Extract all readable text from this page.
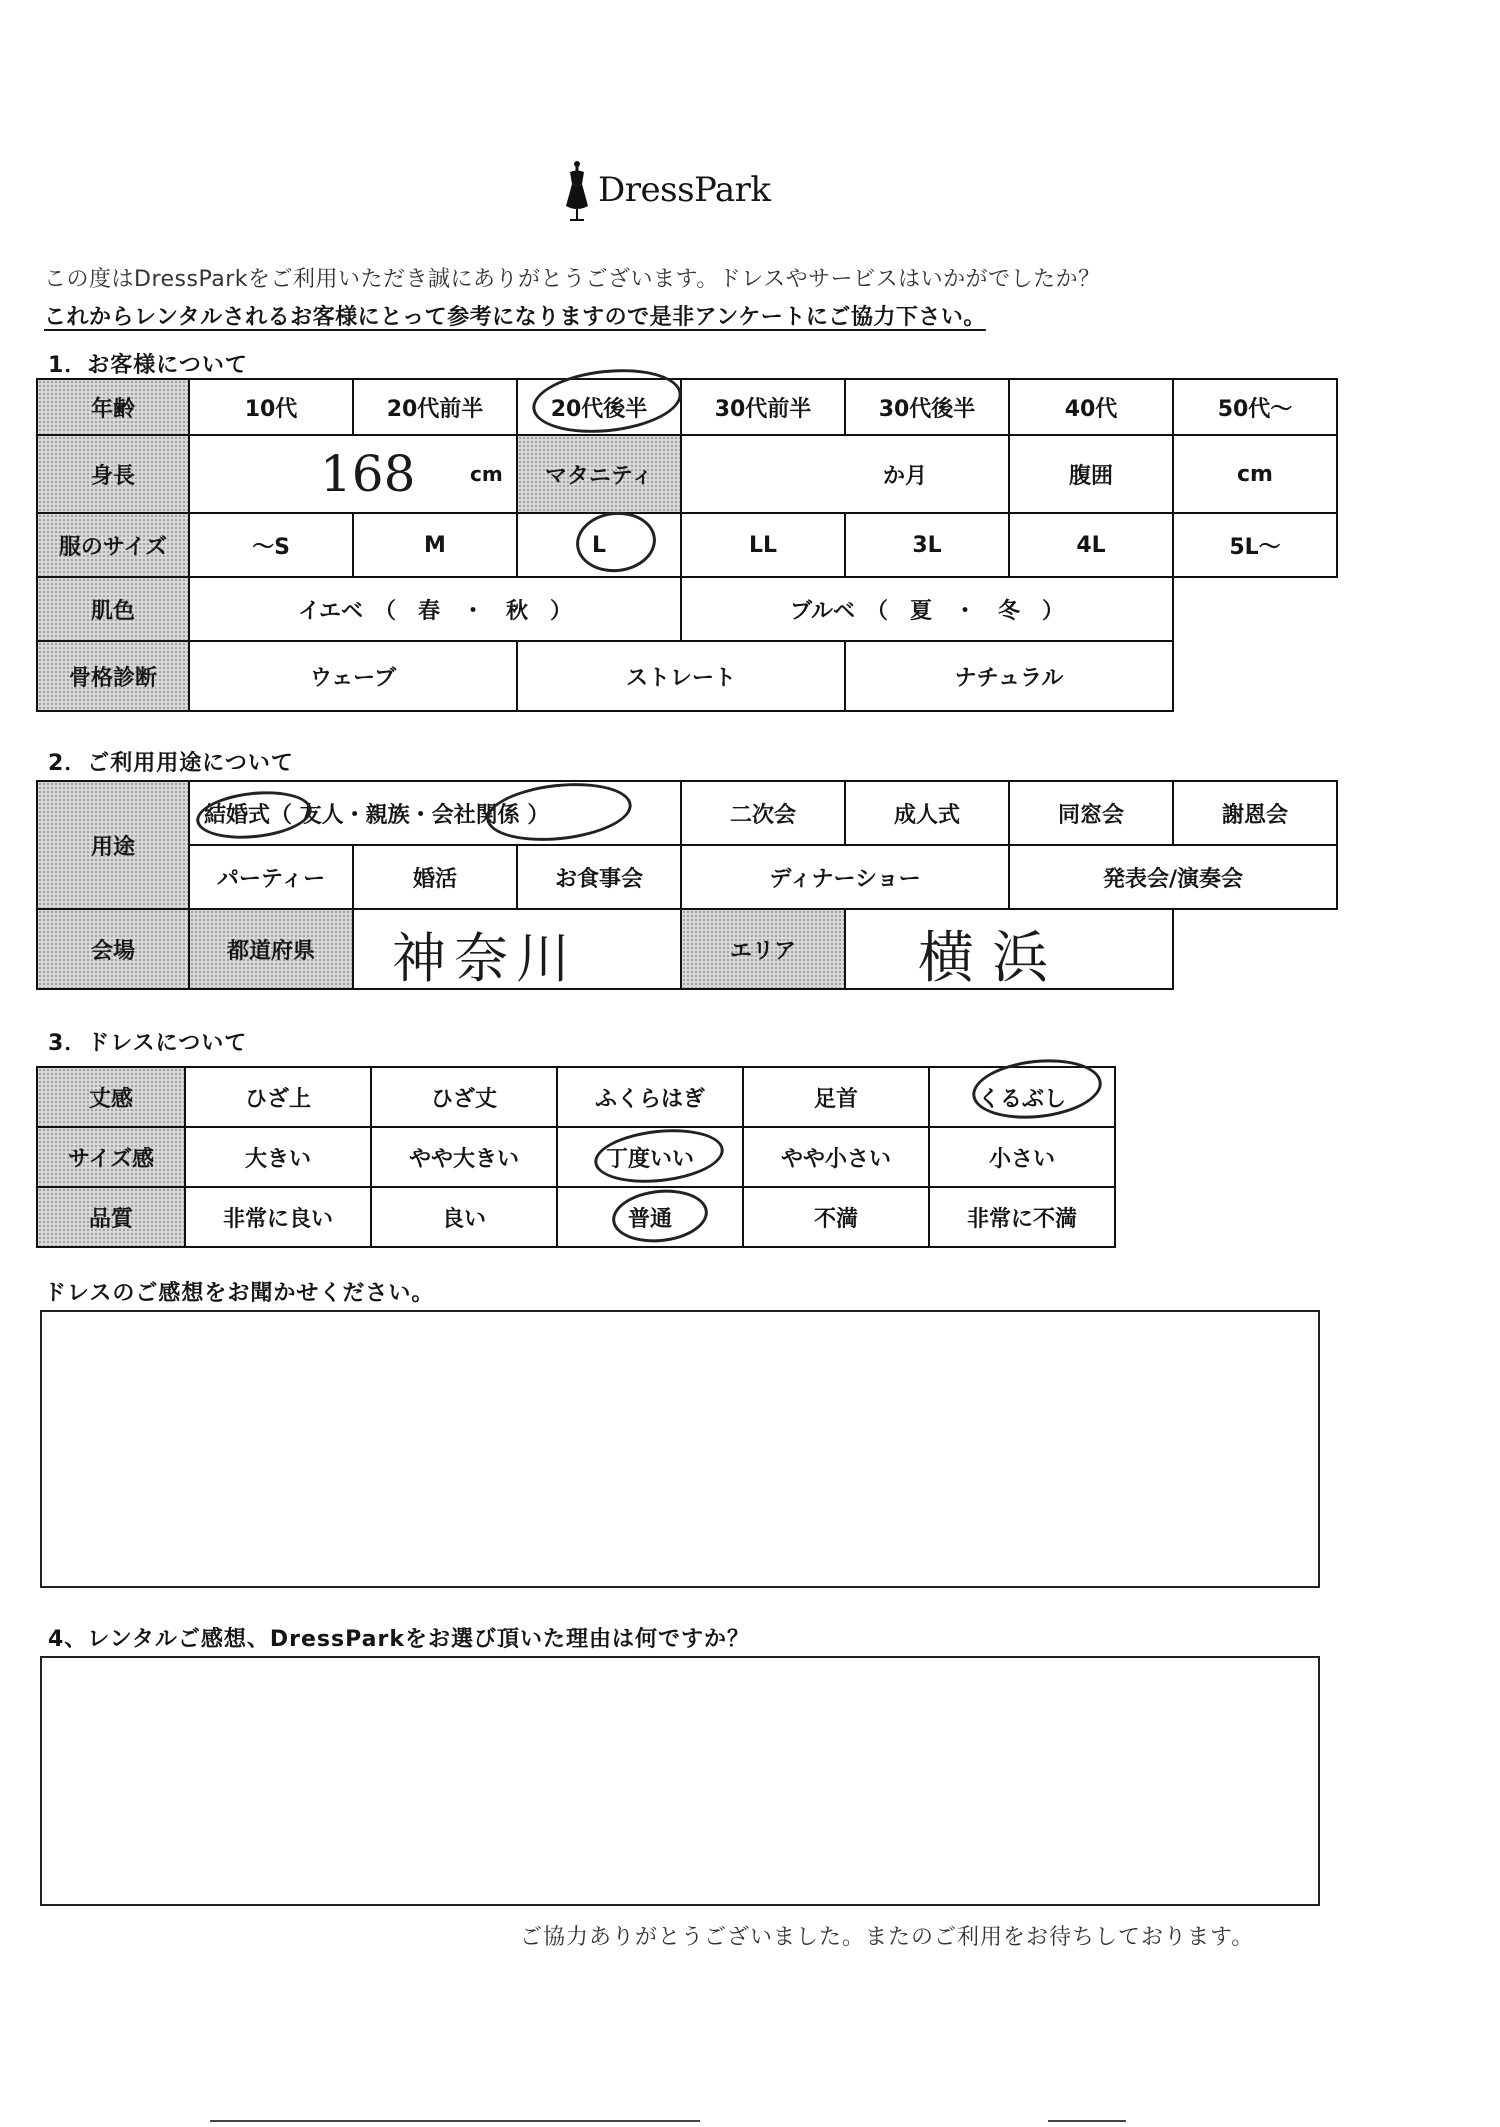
DressPark
この度はDressParkをご利用いただき誠にありがとうございます。ドレスやサービスはいかがでしたか？
これからレンタルされるお客様にとって参考になりますので是非アンケートにご協力下さい。
1．お客様について
年齢	10代	20代前半	20代後半	30代前半	30代後半	40代	50代～
身長	168	cm	マタニティ	か月	腹囲	cm
服のサイズ	～S	M	L	LL	3L	4L	5L～
肌色	イエベ　（　春　・　秋　）	ブルベ　（　夏　・　冬　）
骨格診断	ウェーブ	ストレート	ナチュラル
2．ご利用用途について
用途
結婚式（ 友人・親族・会社関係 ）	二次会	成人式	同窓会	謝恩会
パーティー	婚活	お食事会	ディナーショー	発表会/演奏会
会場	都道府県	神奈川	エリア	横浜
3．ドレスについて
丈感	ひざ上	ひざ丈	ふくらはぎ	足首	くるぶし
サイズ感	大きい	やや大きい	丁度いい	やや小さい	小さい
品質	非常に良い	良い	普通	不満	非常に不満
ドレスのご感想をお聞かせください。
4、レンタルご感想、DressParkをお選び頂いた理由は何ですか？
ご協力ありがとうございました。またのご利用をお待ちしております。
